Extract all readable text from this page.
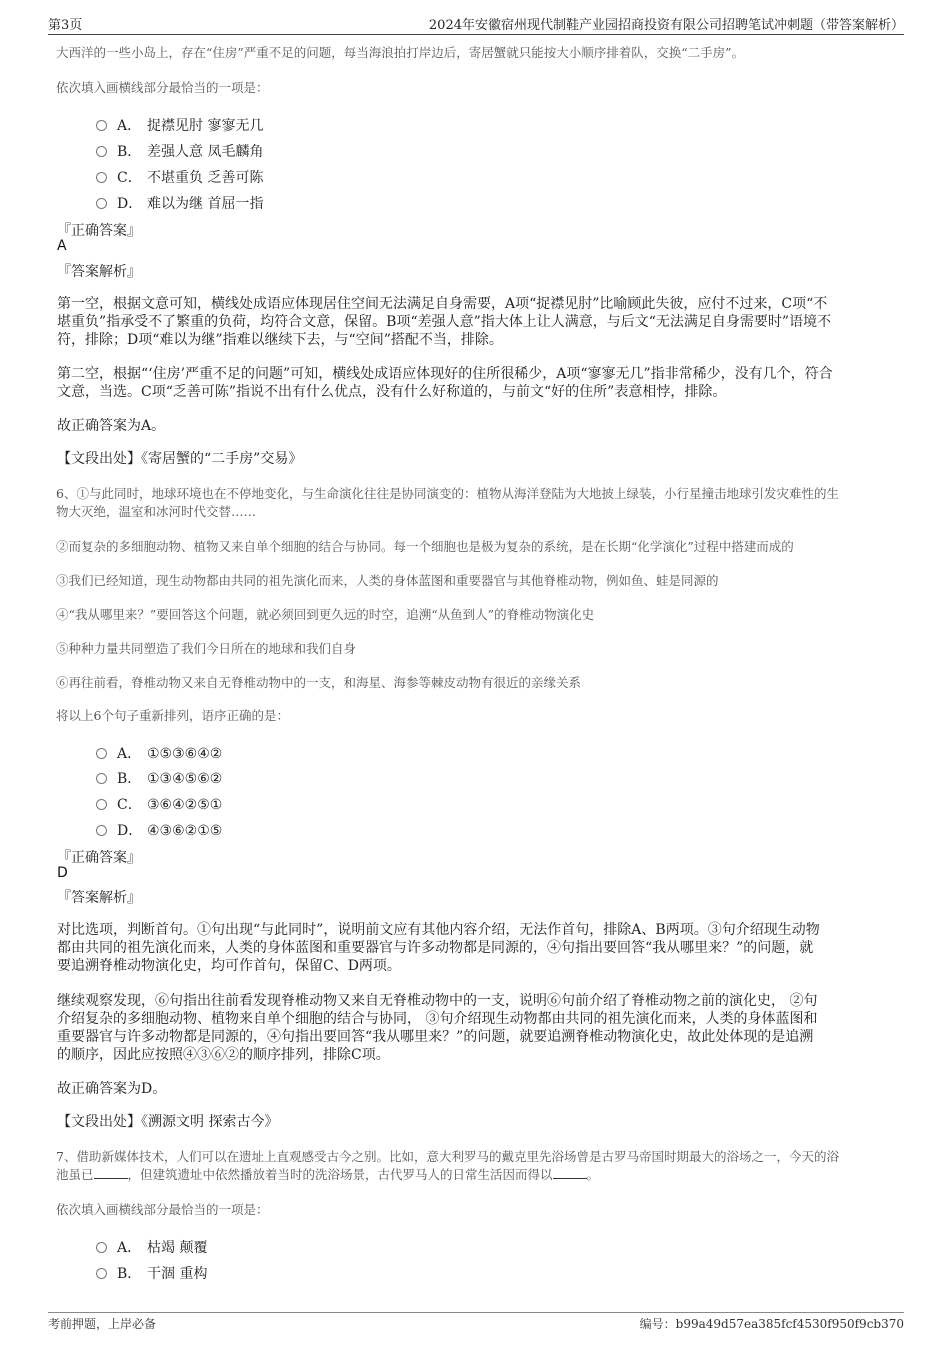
第3页	2024年安徽宿州现代制鞋产业园招商投资有限公司招聘笔试冲刺题（带答案解析）
大西洋的一些小岛上，存在“住房”严重不足的问题，每当海浪拍打岸边后，寄居蟹就只能按大小顺序排着队，交换“二手房”。
依次填入画横线部分最恰当的一项是：
A． 捉襟见肘 寥寥无几
B． 差强人意 凤毛麟角
C． 不堪重负 乏善可陈
D． 难以为继 首屈一指
『正确答案』
A
『答案解析』
第一空，根据文意可知，横线处成语应体现居住空间无法满足自身需要，A项“捉襟见肘”比喻顾此失彼，应付不过来，C项“不
堪重负”指承受不了繁重的负荷，均符合文意，保留。B项“差强人意”指大体上让人满意，与后文“无法满足自身需要时”语境不
符，排除；D项“难以为继”指难以继续下去，与“空间”搭配不当，排除。
第二空，根据“‘住房’严重不足的问题”可知，横线处成语应体现好的住所很稀少，A项“寥寥无几”指非常稀少，没有几个，符合
文意，当选。C项“乏善可陈”指说不出有什么优点，没有什么好称道的，与前文“好的住所”表意相悖，排除。
故正确答案为A。
【文段出处】《寄居蟹的“二手房”交易》
6、①与此同时，地球环境也在不停地变化，与生命演化往往是协同演变的：植物从海洋登陆为大地披上绿装，小行星撞击地球引发灾难性的生
物大灭绝，温室和冰河时代交替……
②而复杂的多细胞动物、植物又来自单个细胞的结合与协同。每一个细胞也是极为复杂的系统，是在长期“化学演化”过程中搭建而成的
③我们已经知道，现生动物都由共同的祖先演化而来，人类的身体蓝图和重要器官与其他脊椎动物，例如鱼、蛙是同源的
④“我从哪里来？”要回答这个问题，就必须回到更久远的时空，追溯“从鱼到人”的脊椎动物演化史
⑤种种力量共同塑造了我们今日所在的地球和我们自身
⑥再往前看，脊椎动物又来自无脊椎动物中的一支，和海星、海参等棘皮动物有很近的亲缘关系
将以上6个句子重新排列，语序正确的是：
A． ①⑤③⑥④②
B． ①③④⑤⑥②
C． ③⑥④②⑤①
D． ④③⑥②①⑤
『正确答案』
D
『答案解析』
对比选项，判断首句。①句出现“与此同时”，说明前文应有其他内容介绍，无法作首句，排除A、B两项。③句介绍现生动物
都由共同的祖先演化而来，人类的身体蓝图和重要器官与许多动物都是同源的，④句指出要回答“我从哪里来？”的问题，就
要追溯脊椎动物演化史，均可作首句，保留C、D两项。
继续观察发现，⑥句指出往前看发现脊椎动物又来自无脊椎动物中的一支，说明⑥句前介绍了脊椎动物之前的演化史， ②句
介绍复杂的多细胞动物、植物来自单个细胞的结合与协同， ③句介绍现生动物都由共同的祖先演化而来，人类的身体蓝图和
重要器官与许多动物都是同源的，④句指出要回答“我从哪里来？”的问题，就要追溯脊椎动物演化史，故此处体现的是追溯
的顺序，因此应按照④③⑥②的顺序排列，排除C项。
故正确答案为D。
【文段出处】《溯源文明 探索古今》
7、借助新媒体技术，人们可以在遗址上直观感受古今之别。比如，意大利罗马的戴克里先浴场曾是古罗马帝国时期最大的浴场之一，今天的浴
池虽已	，但建筑遗址中依然播放着当时的洗浴场景，古代罗马人的日常生活因而得以	。
依次填入画横线部分最恰当的一项是：
A． 枯竭 颠覆
B． 干涸 重构
考前押题，上岸必备	编号：b99a49d57ea385fcf4530f950f9cb370
